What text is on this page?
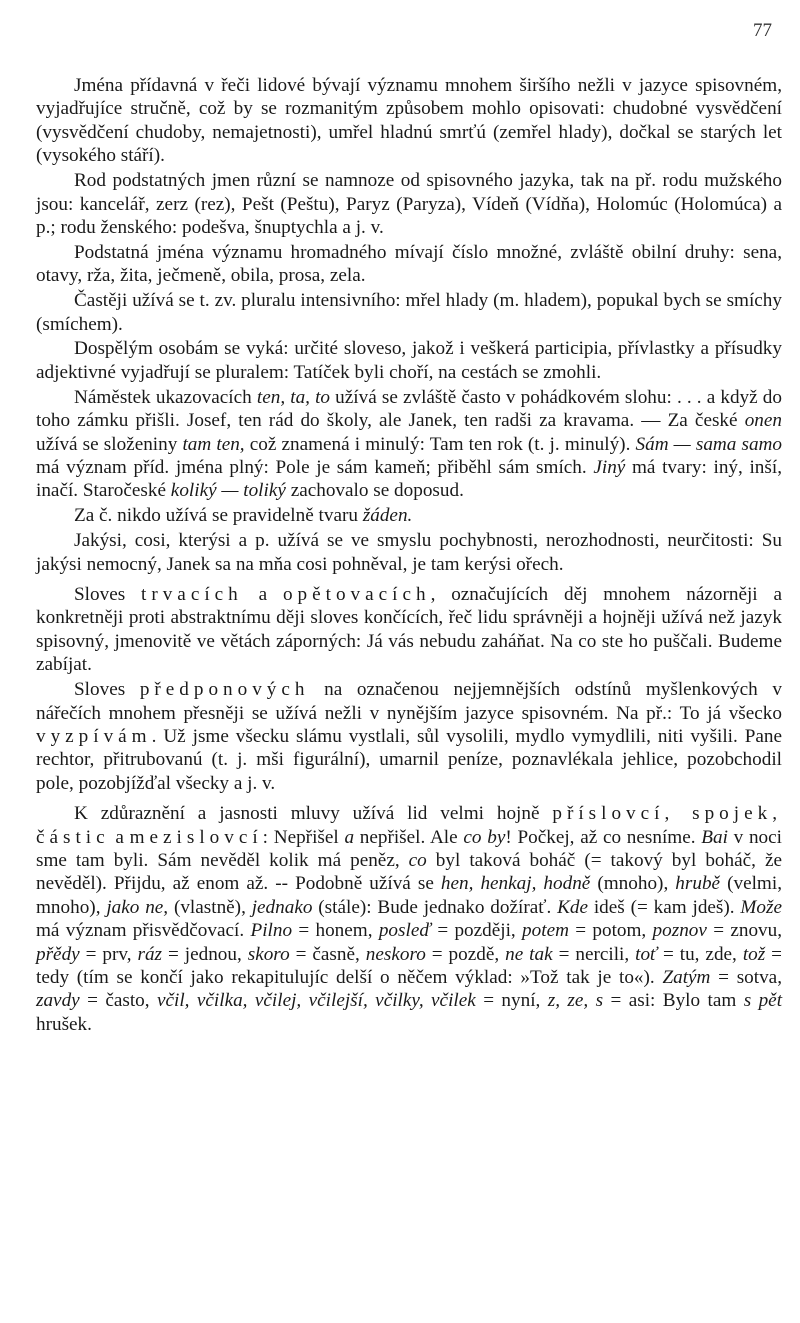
77

Jména přídavná v řeči lidové bývají významu mnohem širšího nežli v jazyce spisovném, vyjadřujíce stručně, což by se rozmanitým způsobem mohlo opisovati: chudobné vysvědčení (vysvědčení chudoby, nemajetnosti), umřel hladnú smrťú (zemřel hlady), dočkal se starých let (vysokého stáří).

Rod podstatných jmen různí se namnoze od spisovného jazyka, tak na př. rodu mužského jsou: kancelář, zerz (rez), Pešt (Peštu), Paryz (Paryza), Vídeň (Vídňa), Holomúc (Holomúca) a p.; rodu ženského: podešva, šnuptychla a j. v.

Podstatná jména významu hromadného mívají číslo množné, zvláště obilní druhy: sena, otavy, rža, žita, ječmeně, obila, prosa, zela.

Častěji užívá se t. zv. pluralu intensivního: mřel hlady (m. hladem), popukal bych se smíchy (smíchem).

Dospělým osobám se vyká: určité sloveso, jakož i veškerá participia, přívlastky a přísudky adjektivné vyjadřují se pluralem: Tatíček byli choří, na cestách se zmohli.

Náměstek ukazovacích ten, ta, to užívá se zvláště často v pohádkovém slohu: . . . a když do toho zámku přišli. Josef, ten rád do školy, ale Janek, ten radši za kravama. — Za české onen užívá se složeniny tam ten, což znamená i minulý: Tam ten rok (t. j. minulý). Sám — sama samo má význam příd. jména plný: Pole je sám kameň; přiběhl sám smích. Jiný má tvary: iný, inší, inačí. Staročeské koliký — toliký zachovalo se doposud.

Za č. nikdo užívá se pravidelně tvaru žáden.

Jakýsi, cosi, kterýsi a p. užívá se ve smyslu pochybnosti, nerozhodnosti, neurčitosti: Su jakýsi nemocný, Janek sa na mňa cosi pohněval, je tam kerýsi ořech.

Sloves trvacích a opětovacích, označujících děj mnohem názorněji a konkretněji proti abstraktnímu ději sloves končících, řeč lidu správněji a hojněji užívá než jazyk spisovný, jmenovitě ve větách záporných: Já vás nebudu zaháňat. Na co ste ho puščali. Budeme zabíjat.

Sloves předponových na označenou nejjemnějších odstínů myšlenkových v nářečích mnohem přesněji se užívá nežli v nynějším jazyce spisovném. Na př.: To já všecko vyzpívám. Už jsme všecku slámu vystlali, sůl vysolili, mydlo vymydlili, niti vyšili. Pane rechtor, přitrubovanú (t. j. mši figurální), umarnil peníze, poznavlékala jehlice, pozobchodil pole, pozobjížďal všecky a j. v.

K zdůraznění a jasnosti mluvy užívá lid velmi hojně příslovcí, spojek, částic a mezislovcí: Nepřišel a nepřišel. Ale co by! Počkej, až co nesníme. Bai v noci sme tam byli. Sám nevěděl kolik má peněz, co byl taková boháč (= takový byl boháč, že nevěděl). Přijdu, až enom až. -- Podobně užívá se hen, henkaj, hodně (mnoho), hrubě (velmi, mnoho), jako ne, (vlastně), jednako (stále): Bude jednako dožírať. Kde ideš (= kam jdeš). Može má význam přisvědčovací. Pilno = honem, posleď = později, potem = potom, poznov = znovu, přědy = prv, ráz = jednou, skoro = časně, neskoro = pozdě, ne tak = nercili, toť = tu, zde, tož = tedy (tím se končí jako rekapitulujíc delší o něčem výklad: »Tož tak je to«). Zatým = sotva, zavdy = často, včil, včilka, včilej, včilejší, včilky, včilek = nyní, z, ze, s = asi: Bylo tam s pět hrušek.
